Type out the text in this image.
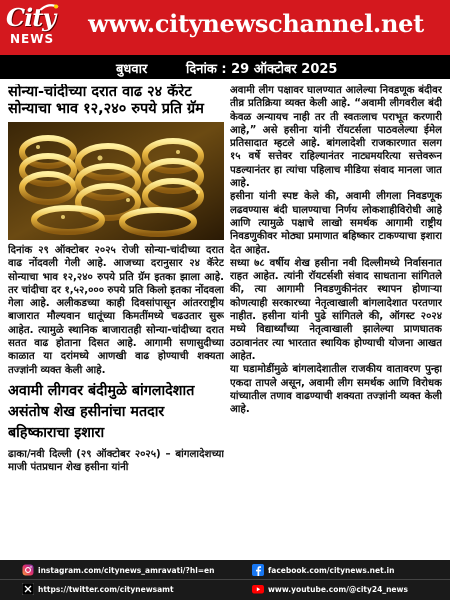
City
NEWS
www.citynewschannel.net
बुधवार	दिनांक : 29 ऑक्टोबर 2025
सोन्या-चांदीच्या दरात वाढ २४ कॅरेट सोन्याचा भाव १२,२४० रुपये प्रति ग्रॅम

दिनांक २९ ऑक्टोबर २०२५ रोजी सोन्या-चांदीच्या दरात वाढ नोंदवली गेली आहे. आजच्या दरानुसार २४ कॅरेट सोन्याचा भाव १२,२४० रुपये प्रति ग्रॅम इतका झाला आहे. तर चांदीचा दर १,५२,००० रुपये प्रति किलो इतका नोंदवला गेला आहे. अलीकडच्या काही दिवसांपासून आंतरराष्ट्रीय बाजारात मौल्यवान धातूंच्या किमतींमध्ये चढउतार सुरू आहेत. त्यामुळे स्थानिक बाजारातही सोन्या-चांदीच्या दरात सतत वाढ होताना दिसत आहे. आगामी सणासुदीच्या काळात या दरांमध्ये आणखी वाढ होण्याची शक्यता तज्ज्ञांनी व्यक्त केली आहे.

अवामी लीगवर बंदीमुळे बांगलादेशात असंतोष शेख हसीनांचा मतदार बहिष्काराचा इशारा

ढाका/नवी दिल्ली (२९ ऑक्टोबर २०२५) – बांगलादेशच्या माजी पंतप्रधान शेख हसीना यांनी

अवामी लीग पक्षावर घालण्यात आलेल्या निवडणूक बंदीवर तीव्र प्रतिक्रिया व्यक्त केली आहे. “अवामी लीगवरील बंदी केवळ अन्यायच नाही तर ती स्वतःलाच पराभूत करणारी आहे,” असे हसीना यांनी रॉयटर्सला पाठवलेल्या ईमेल प्रतिसादात म्हटले आहे. बांगलादेशी राजकारणात सलग १५ वर्षे सत्तेवर राहिल्यानंतर नाट्यमयरित्या सत्तेवरून पडल्यानंतर हा त्यांचा पहिलाच मीडिया संवाद मानला जात आहे.

हसीना यांनी स्पष्ट केले की, अवामी लीगला निवडणूक लढवण्यास बंदी घालण्याचा निर्णय लोकशाहीविरोधी आहे आणि त्यामुळे पक्षाचे लाखो समर्थक आगामी राष्ट्रीय निवडणुकीवर मोठ्या प्रमाणात बहिष्कार टाकण्याचा इशारा देत आहेत.

सध्या ७८ वर्षीय शेख हसीना नवी दिल्लीमध्ये निर्वासनात राहत आहेत. त्यांनी रॉयटर्सशी संवाद साधताना सांगितले की, त्या आगामी निवडणुकीनंतर स्थापन होणाऱ्या कोणत्याही सरकारच्या नेतृत्वाखाली बांगलादेशात परतणार नाहीत. हसीना यांनी पुढे सांगितले की, ऑगस्ट २०२४ मध्ये विद्यार्थ्यांच्या नेतृत्वाखाली झालेल्या प्राणघातक उठावानंतर त्या भारतात स्थायिक होण्याची योजना आखत आहेत.

या घडामोडींमुळे बांगलादेशातील राजकीय वातावरण पुन्हा एकदा तापले असून, अवामी लीग समर्थक आणि विरोधक यांच्यातील तणाव वाढण्याची शक्यता तज्ज्ञांनी व्यक्त केली आहे.

instagram.com/citynews_amravati/?hl=en	facebook.com/citynews.net.in
https://twitter.com/citynewsamt	www.youtube.com/@city24_news
